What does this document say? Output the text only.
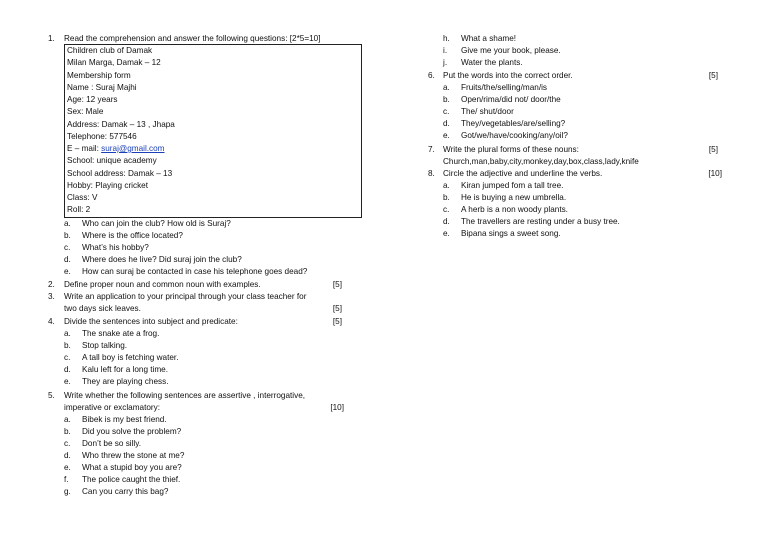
1. Read the comprehension and answer the following questions: [2*5=10]
Children club of Damak
Milan Marga, Damak – 12
Membership form
Name : Suraj Majhi
Age: 12 years
Sex: Male
Address: Damak – 13 , Jhapa
Telephone: 577546
E – mail: suraj@gmail.com
School: unique academy
School address: Damak – 13
Hobby: Playing cricket
Class: V
Roll: 2
a. Who can join the club? How old is Suraj?
b. Where is the office located?
c. What’s his hobby?
d. Where does he live? Did suraj join the club?
e. How can suraj be contacted in case his telephone goes dead?
2. Define proper noun and common noun with examples.	[5]
3. Write an application to your principal through your class teacher for
two days sick leaves.	[5]
4. Divide the sentences into subject and predicate:	[5]
a. The snake ate a frog.
b. Stop talking.
c. A tall boy is fetching water.
d. Kalu left for a long time.
e. They are playing chess.
5. Write whether the following sentences are assertive , interrogative,
imperative or exclamatory:	[10]
a. Bibek is my best friend.
b. Did you solve the problem?
c. Don’t be so silly.
d. Who threw the stone at me?
e. What a stupid boy you are?
f. The police caught the thief.
g. Can you carry this bag?
h. What a shame!
i. Give me your book, please.
j. Water the plants.
6. Put the words into the correct order.	[5]
a. Fruits/the/selling/man/is
b. Open/rima/did not/ door/the
c. The/ shut/door
d. They/vegetables/are/selling?
e. Got/we/have/cooking/any/oil?
7. Write the plural forms of these nouns:	[5]
Church,man,baby,city,monkey,day,box,class,lady,knife
8. Circle the adjective and underline the verbs.	[10]
a. Kiran jumped fom a tall tree.
b. He is buying a new umbrella.
c. A herb is a non woody plants.
d. The travellers are resting under a busy tree.
e. Bipana sings a sweet song.
